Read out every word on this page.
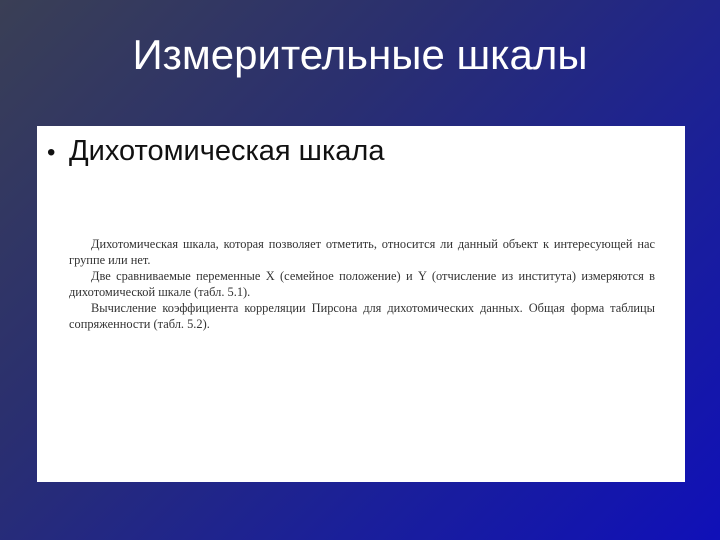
Измерительные шкалы
• Дихотомическая шкала

Дихотомическая шкала, которая позволяет отметить, относится ли данный объект к интересующей нас группе или нет.

Две сравниваемые переменные X (семейное положение) и Y (отчисление из института) измеряются в дихотомической шкале (табл. 5.1).

Вычисление коэффициента корреляции Пирсона для дихотомических данных. Общая форма таблицы сопряженности (табл. 5.2).
